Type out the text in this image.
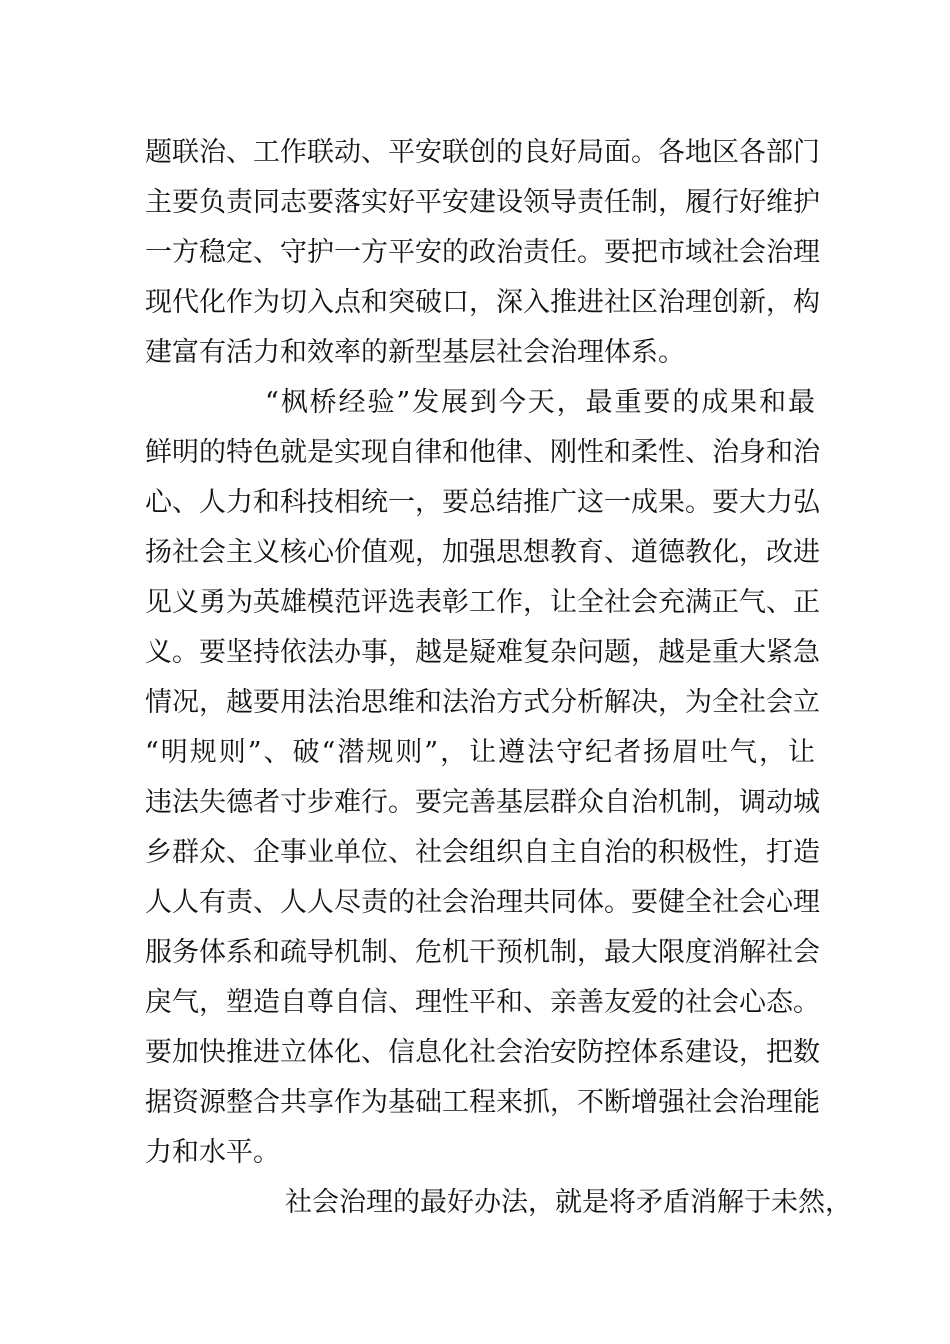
题联治、工作联动、平安联创的良好局面。各地区各部门
主要负责同志要落实好平安建设领导责任制，履行好维护
一方稳定、守护一方平安的政治责任。要把市域社会治理
现代化作为切入点和突破口，深入推进社区治理创新，构
建富有活力和效率的新型基层社会治理体系。
“枫桥经验”发展到今天，最重要的成果和最
鲜明的特色就是实现自律和他律、刚性和柔性、治身和治
心、人力和科技相统一，要总结推广这一成果。要大力弘
扬社会主义核心价值观，加强思想教育、道德教化，改进
见义勇为英雄模范评选表彰工作，让全社会充满正气、正
义。要坚持依法办事，越是疑难复杂问题，越是重大紧急
情况，越要用法治思维和法治方式分析解决，为全社会立
“明规则”、破“潜规则”，让遵法守纪者扬眉吐气，让
违法失德者寸步难行。要完善基层群众自治机制，调动城
乡群众、企事业单位、社会组织自主自治的积极性，打造
人人有责、人人尽责的社会治理共同体。要健全社会心理
服务体系和疏导机制、危机干预机制，最大限度消解社会
戾气，塑造自尊自信、理性平和、亲善友爱的社会心态。
要加快推进立体化、信息化社会治安防控体系建设，把数
据资源整合共享作为基础工程来抓，不断增强社会治理能
力和水平。
社会治理的最好办法，就是将矛盾消解于未然，
